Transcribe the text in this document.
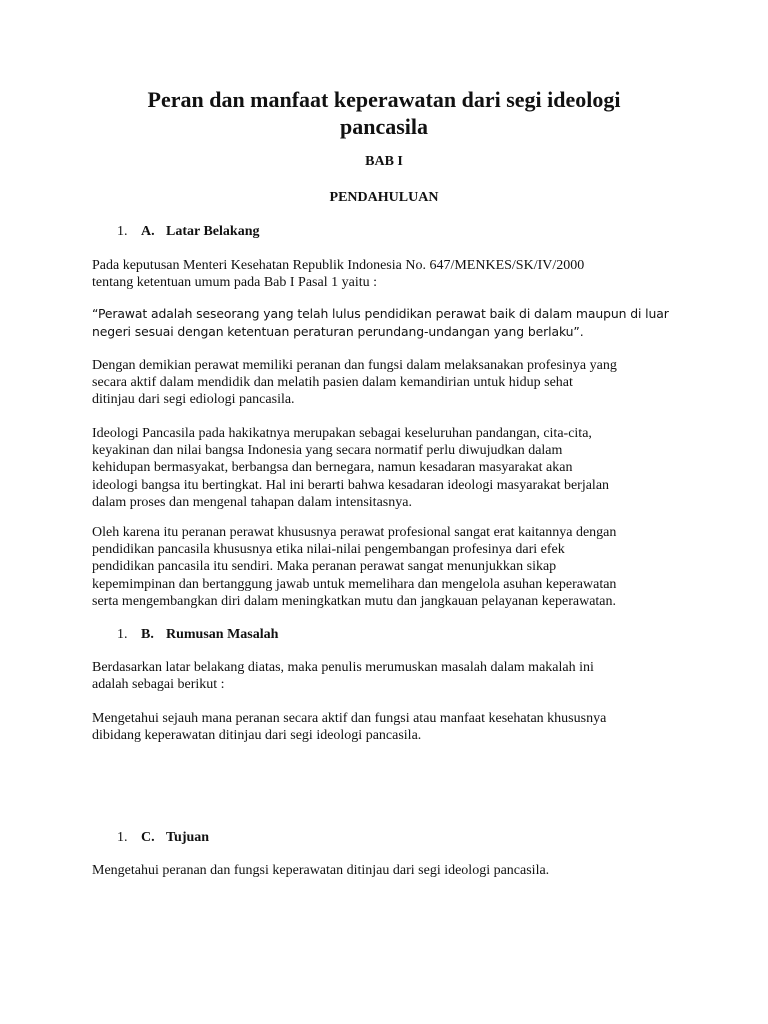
Peran dan manfaat keperawatan dari segi ideologi
pancasila

BAB I

PENDAHULUAN

1. A. Latar Belakang

Pada keputusan Menteri Kesehatan Republik Indonesia No. 647/MENKES/SK/IV/2000
tentang ketentuan umum pada Bab I Pasal 1 yaitu :

“Perawat adalah seseorang yang telah lulus pendidikan perawat baik di dalam maupun di luar
negeri sesuai dengan ketentuan peraturan perundang-undangan yang berlaku”.

Dengan demikian perawat memiliki peranan dan fungsi dalam melaksanakan profesinya yang
secara aktif dalam mendidik dan melatih pasien dalam kemandirian untuk hidup sehat
ditinjau dari segi ediologi pancasila.

Ideologi Pancasila pada hakikatnya merupakan sebagai keseluruhan pandangan, cita-cita,
keyakinan dan nilai bangsa Indonesia yang secara normatif perlu diwujudkan dalam
kehidupan bermasyakat, berbangsa dan bernegara, namun kesadaran masyarakat akan
ideologi bangsa itu bertingkat. Hal ini berarti bahwa kesadaran ideologi masyarakat berjalan
dalam proses dan mengenal tahapan dalam intensitasnya.

Oleh karena itu peranan perawat khususnya perawat profesional sangat erat kaitannya dengan
pendidikan pancasila khususnya etika nilai-nilai pengembangan profesinya dari efek
pendidikan pancasila itu sendiri. Maka peranan perawat sangat menunjukkan sikap
kepemimpinan dan bertanggung jawab untuk memelihara dan mengelola asuhan keperawatan
serta mengembangkan diri dalam meningkatkan mutu dan jangkauan pelayanan keperawatan.

1. B. Rumusan Masalah

Berdasarkan latar belakang diatas, maka penulis merumuskan masalah dalam makalah ini
adalah sebagai berikut :

Mengetahui sejauh mana peranan secara aktif dan fungsi atau manfaat kesehatan khususnya
dibidang keperawatan ditinjau dari segi ideologi pancasila.

1. C. Tujuan

Mengetahui peranan dan fungsi keperawatan ditinjau dari segi ideologi pancasila.
